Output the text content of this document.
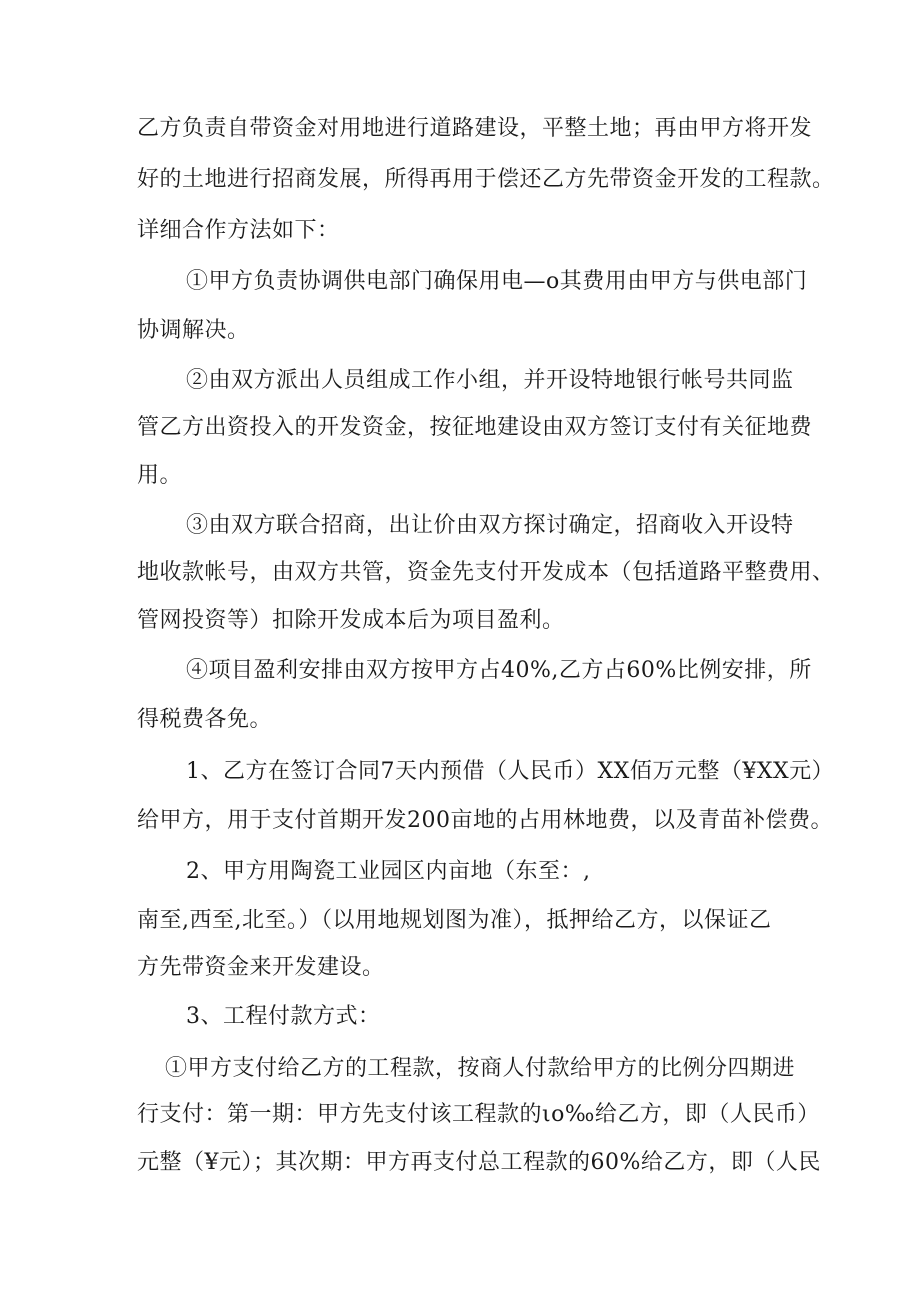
乙方负责自带资金对用地进行道路建设，平整土地；再由甲方将开发
好的土地进行招商发展，所得再用于偿还乙方先带资金开发的工程款。
详细合作方法如下：
①甲方负责协调供电部门确保用电—o其费用由甲方与供电部门
协调解决。
②由双方派出人员组成工作小组，并开设特地银行帐号共同监
管乙方出资投入的开发资金，按征地建设由双方签订支付有关征地费
用。
③由双方联合招商，出让价由双方探讨确定，招商收入开设特
地收款帐号，由双方共管，资金先支付开发成本（包括道路平整费用、
管网投资等）扣除开发成本后为项目盈利。
④项目盈利安排由双方按甲方占40%,乙方占60%比例安排，所
得税费各免。
1、乙方在签订合同7天内预借（人民币）XX佰万元整（¥XX元）
给甲方，用于支付首期开发200亩地的占用林地费，以及青苗补偿费。
2、甲方用陶瓷工业园区内亩地（东至：,
南至,西至,北至。）（以用地规划图为准），抵押给乙方，以保证乙
方先带资金来开发建设。
3、工程付款方式：
①甲方支付给乙方的工程款，按商人付款给甲方的比例分四期进
行支付：第一期：甲方先支付该工程款的ιo‰给乙方，即（人民币）
元整（¥元）；其次期：甲方再支付总工程款的60%给乙方，即（人民
